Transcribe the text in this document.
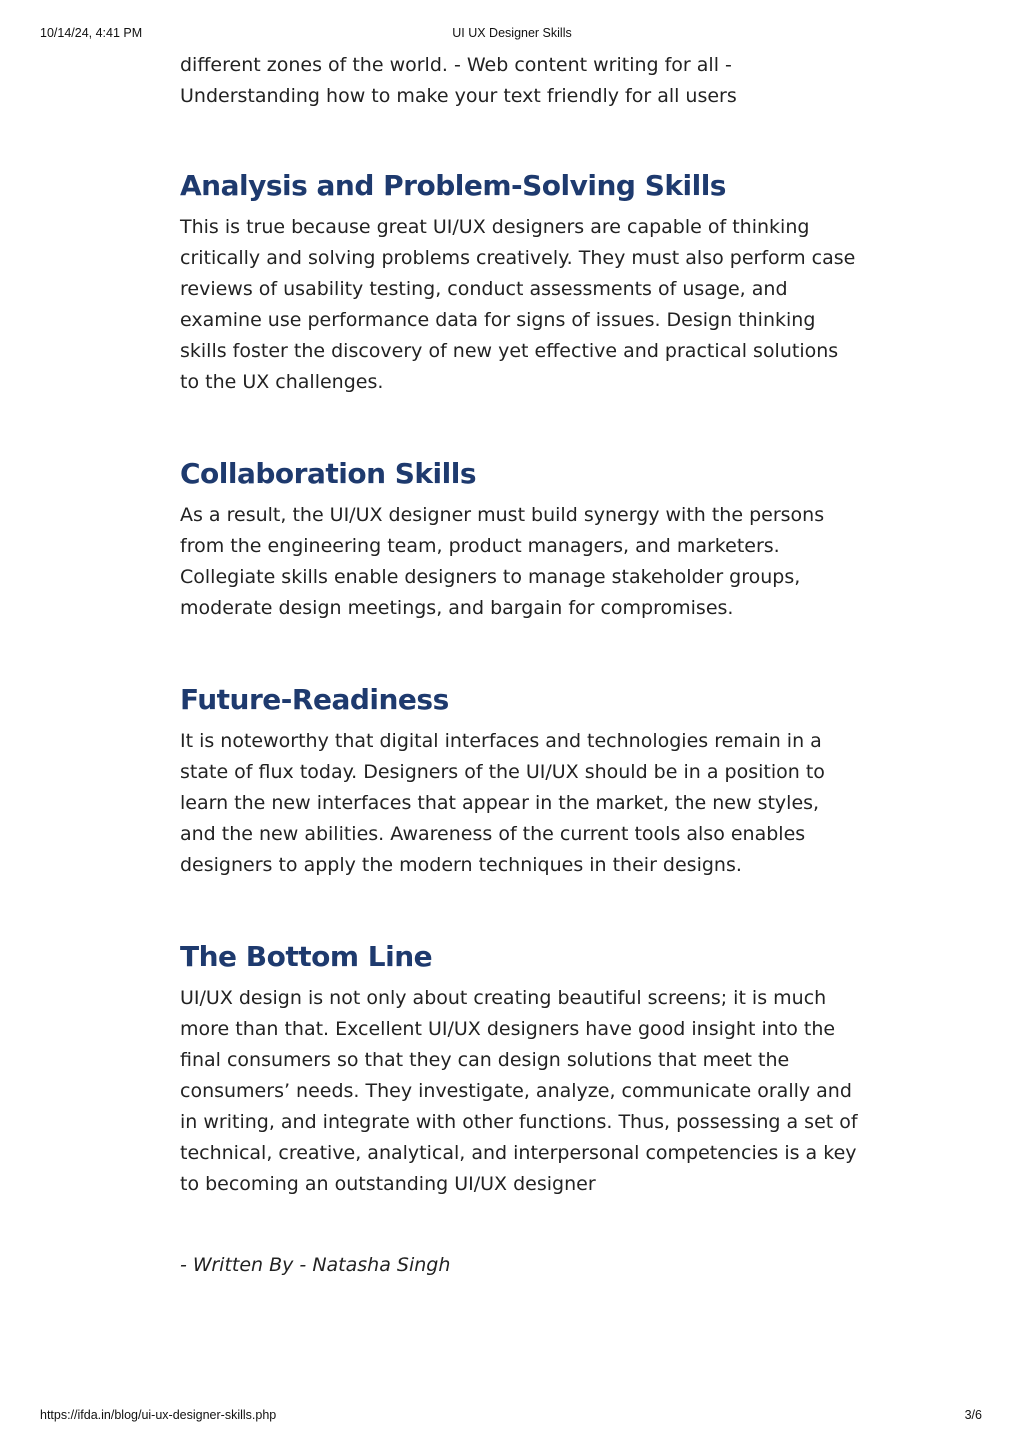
10/14/24, 4:41 PM	UI UX Designer Skills

different zones of the world. - Web content writing for all - Understanding how to make your text friendly for all users

Analysis and Problem-Solving Skills

This is true because great UI/UX designers are capable of thinking critically and solving problems creatively. They must also perform case reviews of usability testing, conduct assessments of usage, and examine use performance data for signs of issues. Design thinking skills foster the discovery of new yet effective and practical solutions to the UX challenges.

Collaboration Skills

As a result, the UI/UX designer must build synergy with the persons from the engineering team, product managers, and marketers. Collegiate skills enable designers to manage stakeholder groups, moderate design meetings, and bargain for compromises.

Future-Readiness

It is noteworthy that digital interfaces and technologies remain in a state of flux today. Designers of the UI/UX should be in a position to learn the new interfaces that appear in the market, the new styles, and the new abilities. Awareness of the current tools also enables designers to apply the modern techniques in their designs.

The Bottom Line

UI/UX design is not only about creating beautiful screens; it is much more than that. Excellent UI/UX designers have good insight into the final consumers so that they can design solutions that meet the consumers’ needs. They investigate, analyze, communicate orally and in writing, and integrate with other functions. Thus, possessing a set of technical, creative, analytical, and interpersonal competencies is a key to becoming an outstanding UI/UX designer

- Written By - Natasha Singh

https://ifda.in/blog/ui-ux-designer-skills.php	3/6
